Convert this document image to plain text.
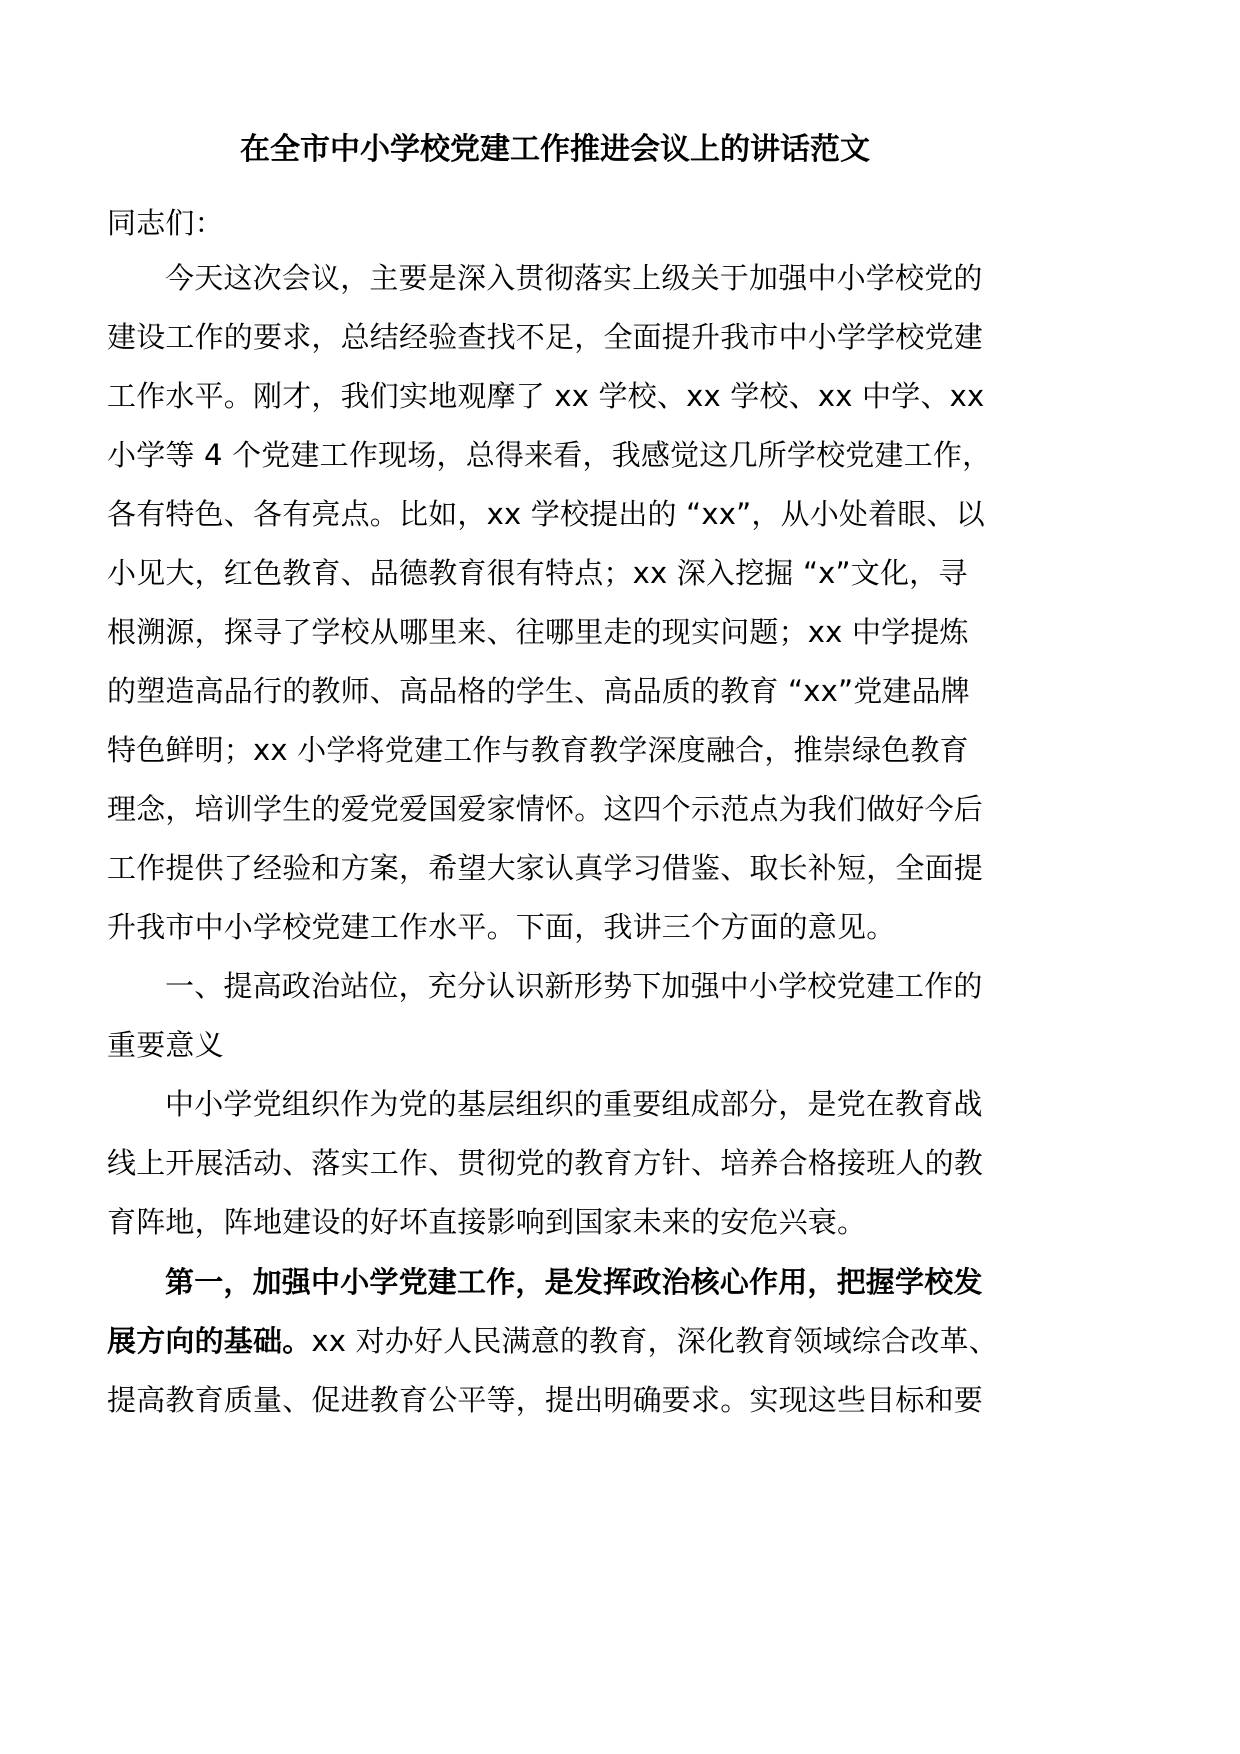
在全市中小学校党建工作推进会议上的讲话范文
同志们：
今天这次会议，主要是深入贯彻落实上级关于加强中小学校党的
建设工作的要求，总结经验查找不足，全面提升我市中小学学校党建
工作水平。刚才，我们实地观摩了 xx 学校、xx 学校、xx 中学、xx
小学等 4 个党建工作现场，总得来看，我感觉这几所学校党建工作，
各有特色、各有亮点。比如，xx 学校提出的 “xx”，从小处着眼、以
小见大，红色教育、品德教育很有特点；xx 深入挖掘 “x”文化，寻
根溯源，探寻了学校从哪里来、往哪里走的现实问题；xx 中学提炼
的塑造高品行的教师、高品格的学生、高品质的教育 “xx”党建品牌
特色鲜明；xx 小学将党建工作与教育教学深度融合，推崇绿色教育
理念，培训学生的爱党爱国爱家情怀。这四个示范点为我们做好今后
工作提供了经验和方案，希望大家认真学习借鉴、取长补短，全面提
升我市中小学校党建工作水平。下面，我讲三个方面的意见。
一、提高政治站位，充分认识新形势下加强中小学校党建工作的
重要意义
中小学党组织作为党的基层组织的重要组成部分，是党在教育战
线上开展活动、落实工作、贯彻党的教育方针、培养合格接班人的教
育阵地，阵地建设的好坏直接影响到国家未来的安危兴衰。
第一，加强中小学党建工作，是发挥政治核心作用，把握学校发
展方向的基础。xx 对办好人民满意的教育，深化教育领域综合改革、
提高教育质量、促进教育公平等，提出明确要求。实现这些目标和要
